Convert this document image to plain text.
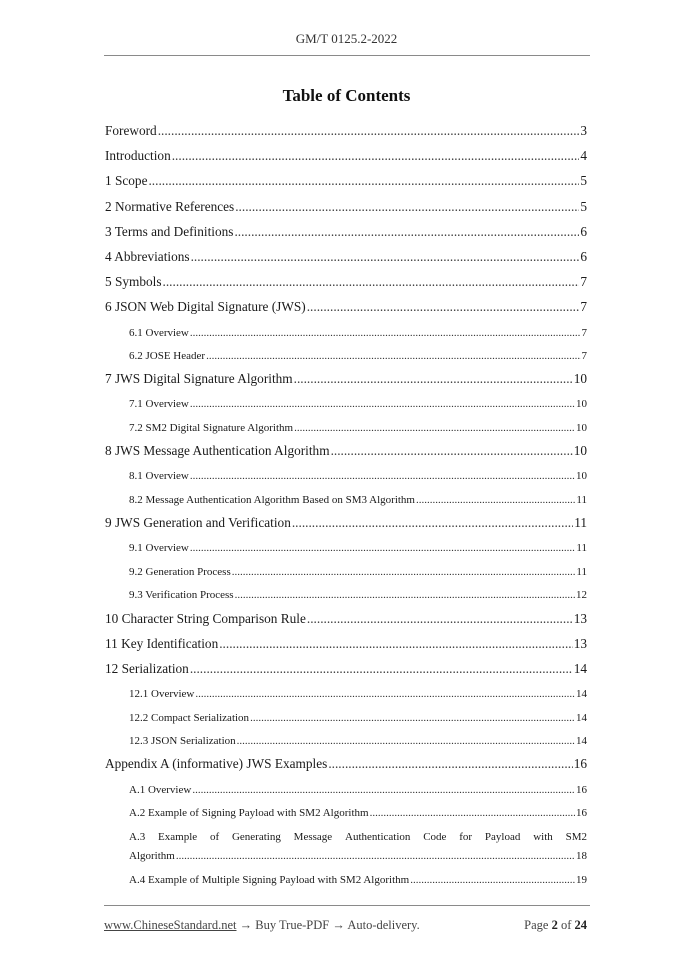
GM/T 0125.2-2022
Table of Contents
Foreword .....	3
Introduction .....	4
1 Scope .....	5
2 Normative References .....	5
3 Terms and Definitions .....	6
4 Abbreviations .....	6
5 Symbols .....	7
6 JSON Web Digital Signature (JWS) .....	7
6.1 Overview .....	7
6.2 JOSE Header .....	7
7 JWS Digital Signature Algorithm .....	10
7.1 Overview .....	10
7.2 SM2 Digital Signature Algorithm .....	10
8 JWS Message Authentication Algorithm .....	10
8.1 Overview .....	10
8.2 Message Authentication Algorithm Based on SM3 Algorithm .....	11
9 JWS Generation and Verification .....	11
9.1 Overview .....	11
9.2 Generation Process .....	11
9.3 Verification Process .....	12
10 Character String Comparison Rule .....	13
11 Key Identification .....	13
12 Serialization .....	14
12.1 Overview .....	14
12.2 Compact Serialization .....	14
12.3 JSON Serialization .....	14
Appendix A (informative) JWS Examples .....	16
A.1 Overview .....	16
A.2 Example of Signing Payload with SM2 Algorithm .....	16
A.3 Example of Generating Message Authentication Code for Payload with SM2
Algorithm .....	18
A.4 Example of Multiple Signing Payload with SM2 Algorithm .....	19
www.ChineseStandard.net → Buy True-PDF → Auto-delivery.	Page 2 of 24
